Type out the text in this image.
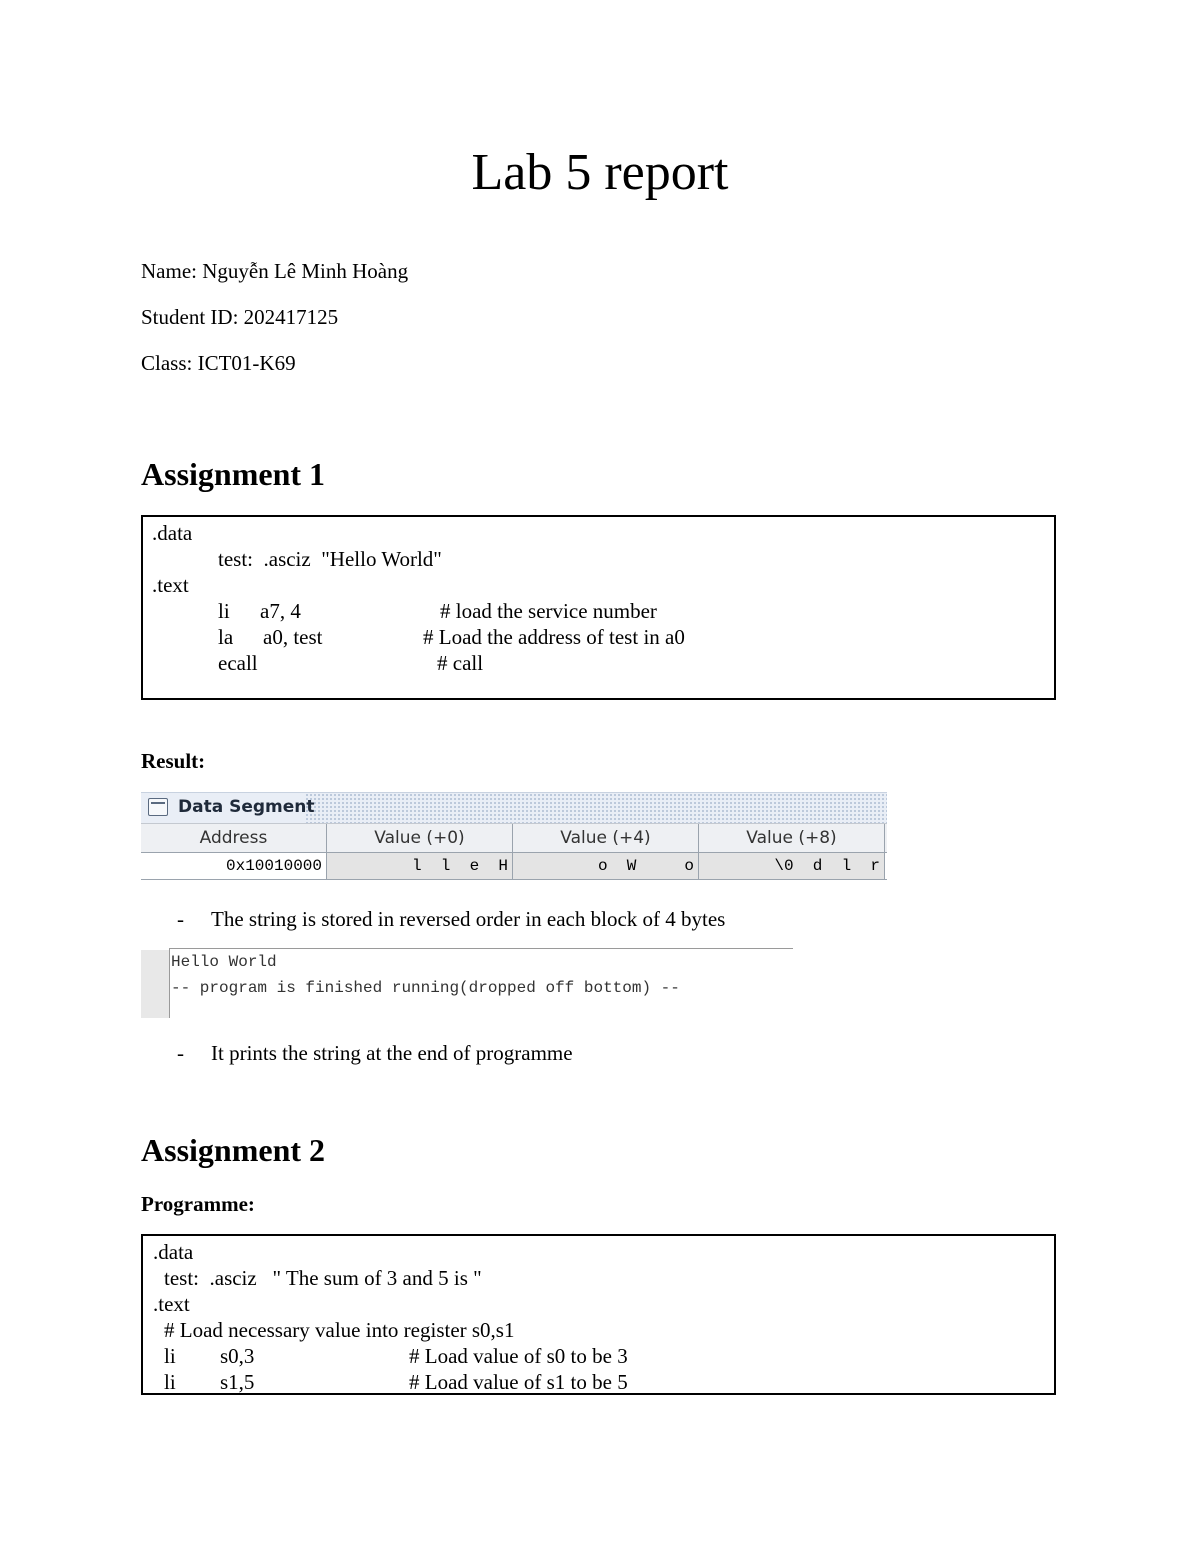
Lab 5 report
Name: Nguyễn Lê Minh Hoàng
Student ID: 202417125
Class: ICT01-K69
Assignment 1
.data
test:  .asciz  "Hello World"
.text
li a7, 4	# load the service number
la a0, test	# Load the address of test in a0
ecall	# call
Result:
Data Segment
Address	Value (+0)	Value (+4)	Value (+8)
0x10010000	l  l  e  H	o  W     o	\0  d  l  r
- The string is stored in reversed order in each block of 4 bytes
Hello World
-- program is finished running(dropped off bottom) --
- It prints the string at the end of programme
Assignment 2
Programme:
.data
test:  .asciz   " The sum of 3 and 5 is "
.text
# Load necessary value into register s0,s1
li s0,3	# Load value of s0 to be 3
li s1,5	# Load value of s1 to be 5
